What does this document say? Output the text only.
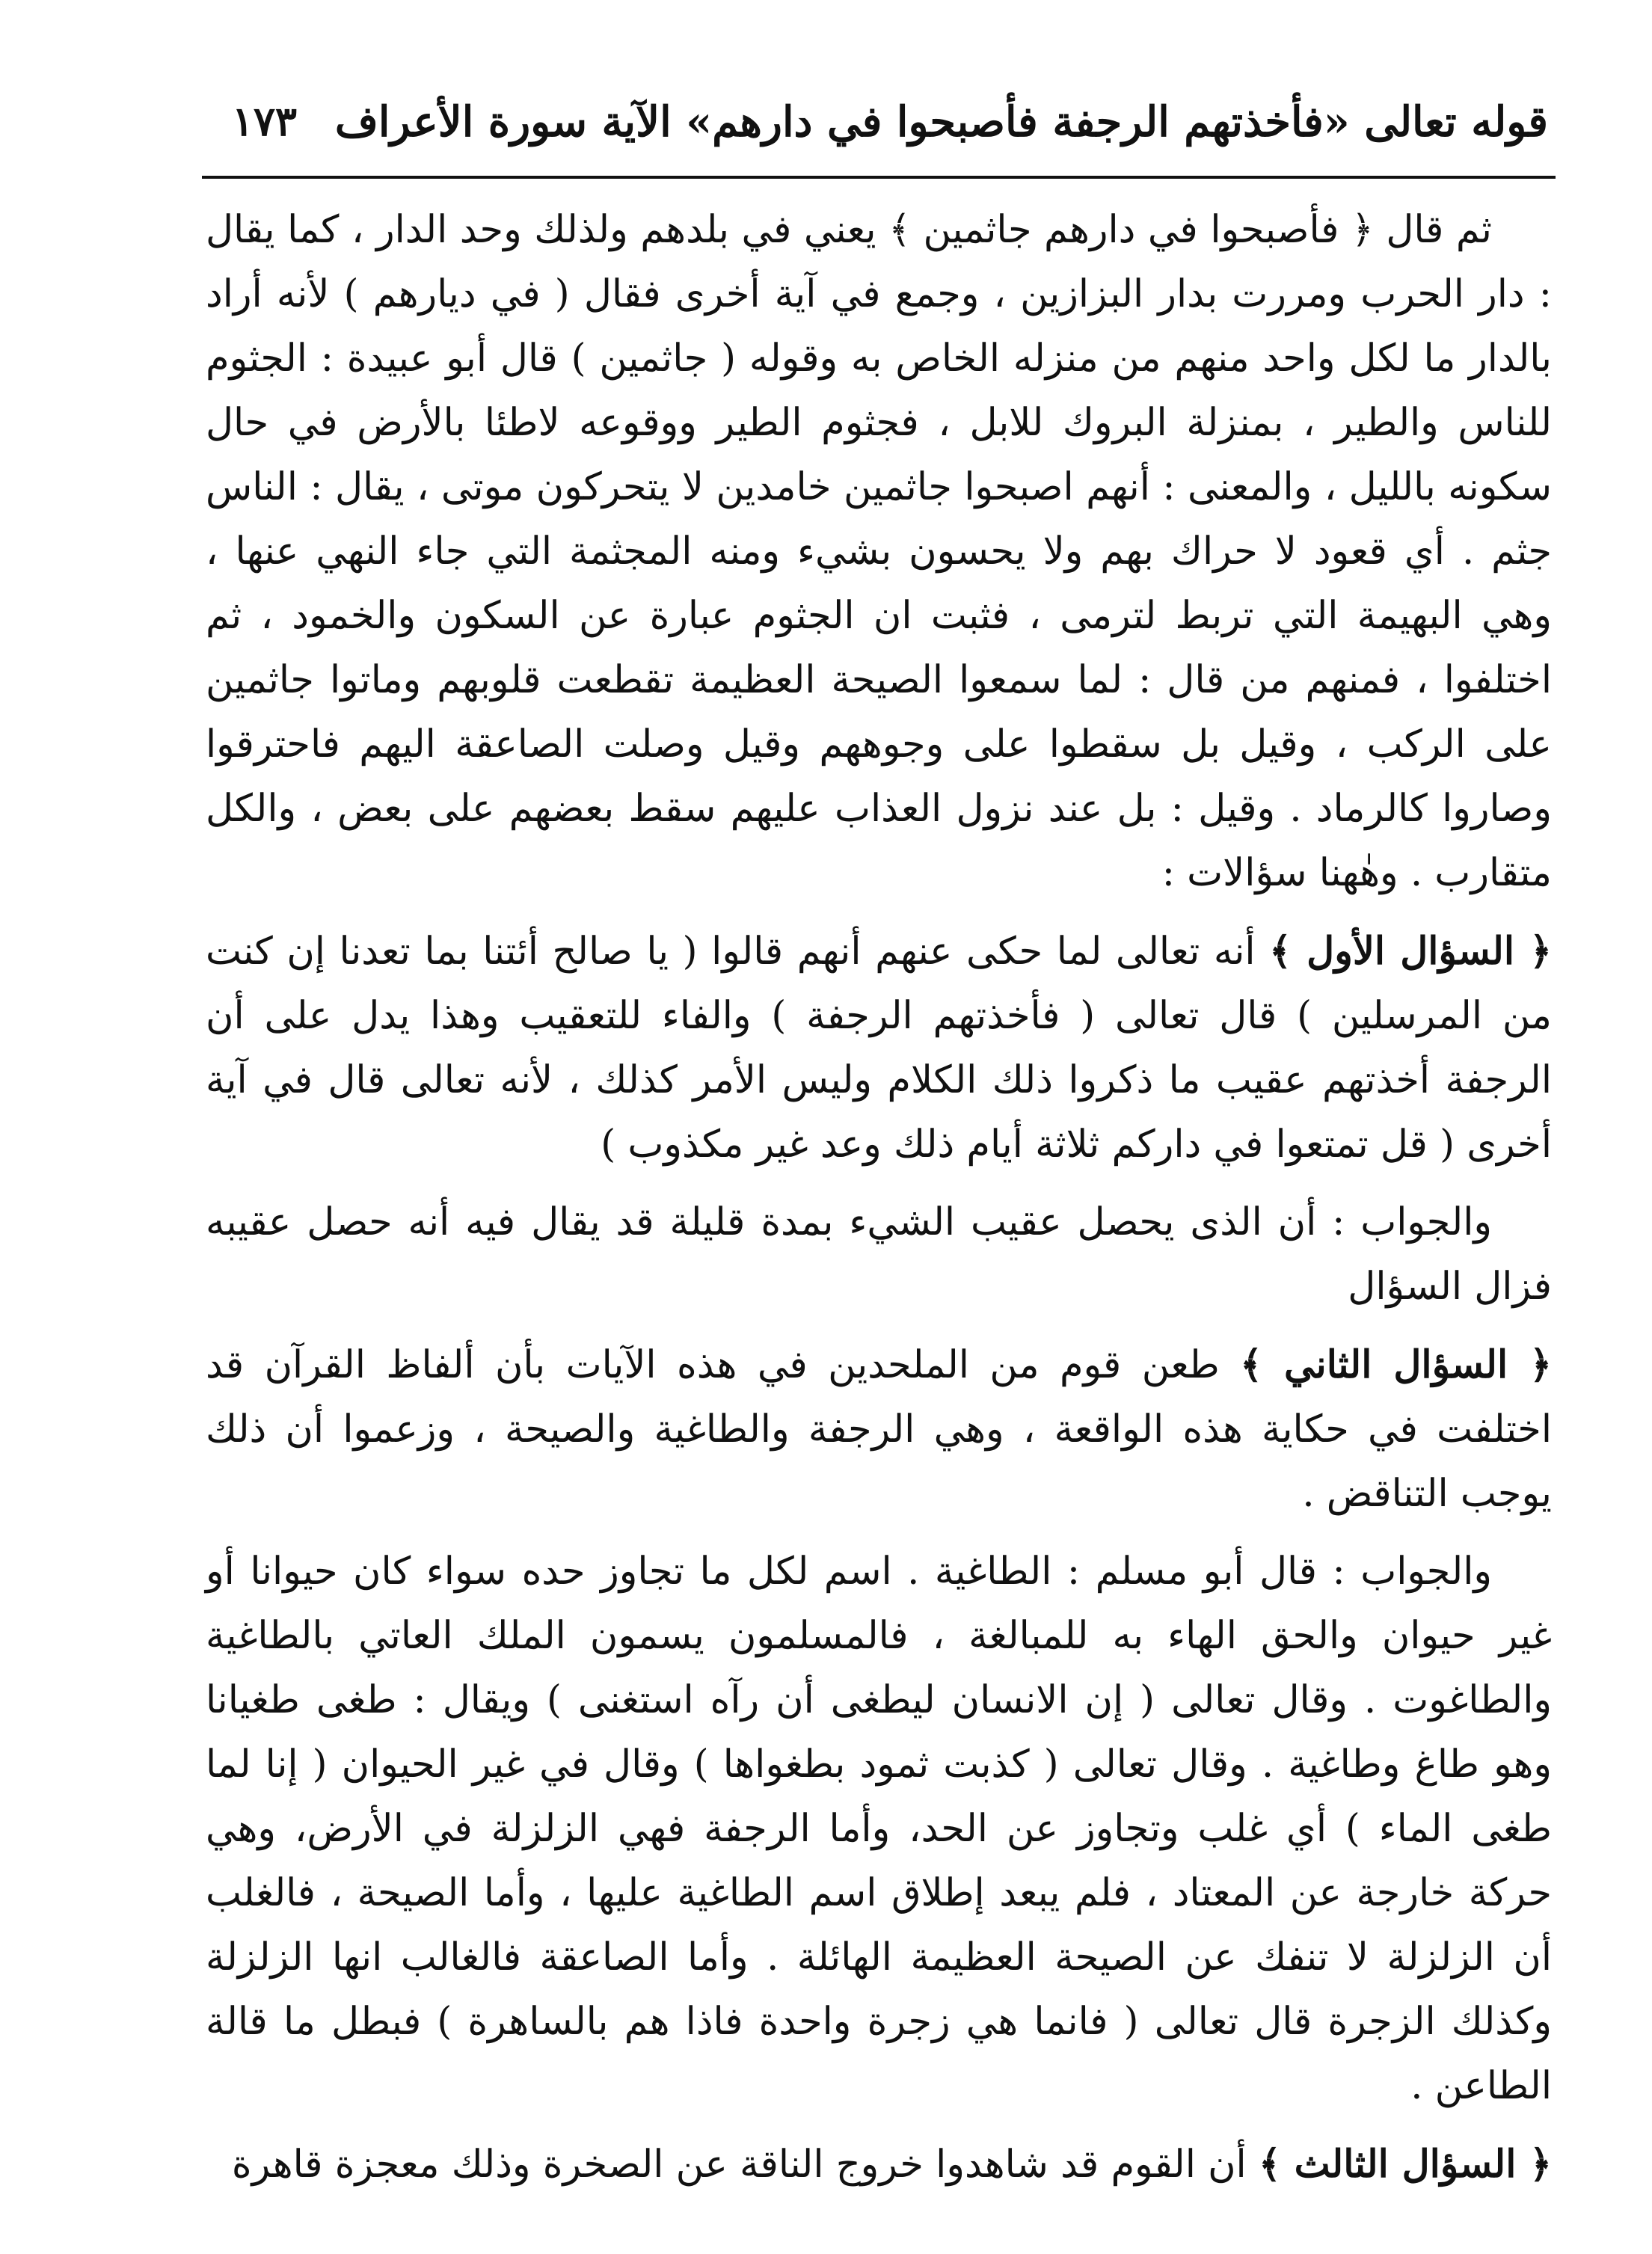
١٧٣ قوله تعالى «فأخذتهم الرجفة فأصبحوا في دارهم» الآية سورة الأعراف

ثم قال ﴿ فأصبحوا في دارهم جاثمين ﴾ يعني في بلدهم ولذلك وحد الدار ، كما يقال : دار الحرب ومررت بدار البزازين ، وجمع في آية أخرى فقال ( في ديارهم ) لأنه أراد بالدار ما لكل واحد منهم من منزله الخاص به وقوله ( جاثمين ) قال أبو عبيدة : الجثوم للناس والطير ، بمنزلة البروك للابل ، فجثوم الطير ووقوعه لاطئا بالأرض في حال سكونه بالليل ، والمعنى : أنهم اصبحوا جاثمين خامدين لا يتحركون موتى ، يقال : الناس جثم . أي قعود لا حراك بهم ولا يحسون بشيء ومنه المجثمة التي جاء النهي عنها ، وهي البهيمة التي تربط لترمى ، فثبت ان الجثوم عبارة عن السكون والخمود ، ثم اختلفوا ، فمنهم من قال : لما سمعوا الصيحة العظيمة تقطعت قلوبهم وماتوا جاثمين على الركب ، وقيل بل سقطوا على وجوههم وقيل وصلت الصاعقة اليهم فاحترقوا وصاروا كالرماد . وقيل : بل عند نزول العذاب عليهم سقط بعضهم على بعض ، والكل متقارب . وهٰهنا سؤالات :

﴿ السؤال الأول ﴾ أنه تعالى لما حكى عنهم أنهم قالوا ( يا صالح أئتنا بما تعدنا إن كنت من المرسلين ) قال تعالى ( فأخذتهم الرجفة ) والفاء للتعقيب وهذا يدل على أن الرجفة أخذتهم عقيب ما ذكروا ذلك الكلام وليس الأمر كذلك ، لأنه تعالى قال في آية أخرى ( قل تمتعوا في داركم ثلاثة أيام ذلك وعد غير مكذوب )

والجواب : أن الذى يحصل عقيب الشيء بمدة قليلة قد يقال فيه أنه حصل عقيبه فزال السؤال

﴿ السؤال الثاني ﴾ طعن قوم من الملحدين في هذه الآيات بأن ألفاظ القرآن قد اختلفت في حكاية هذه الواقعة ، وهي الرجفة والطاغية والصيحة ، وزعموا أن ذلك يوجب التناقض .

والجواب : قال أبو مسلم : الطاغية . اسم لكل ما تجاوز حده سواء كان حيوانا أو غير حيوان والحق الهاء به للمبالغة ، فالمسلمون يسمون الملك العاتي بالطاغية والطاغوت . وقال تعالى ( إن الانسان ليطغى أن رآه استغنى ) ويقال : طغى طغيانا وهو طاغ وطاغية . وقال تعالى ( كذبت ثمود بطغواها ) وقال في غير الحيوان ( إنا لما طغى الماء ) أي غلب وتجاوز عن الحد، وأما الرجفة فهي الزلزلة في الأرض، وهي حركة خارجة عن المعتاد ، فلم يبعد إطلاق اسم الطاغية عليها ، وأما الصيحة ، فالغلب أن الزلزلة لا تنفك عن الصيحة العظيمة الهائلة . وأما الصاعقة فالغالب انها الزلزلة وكذلك الزجرة قال تعالى ( فانما هي زجرة واحدة فاذا هم بالساهرة ) فبطل ما قالة الطاعن .

﴿ السؤال الثالث ﴾ أن القوم قد شاهدوا خروج الناقة عن الصخرة وذلك معجزة قاهرة
